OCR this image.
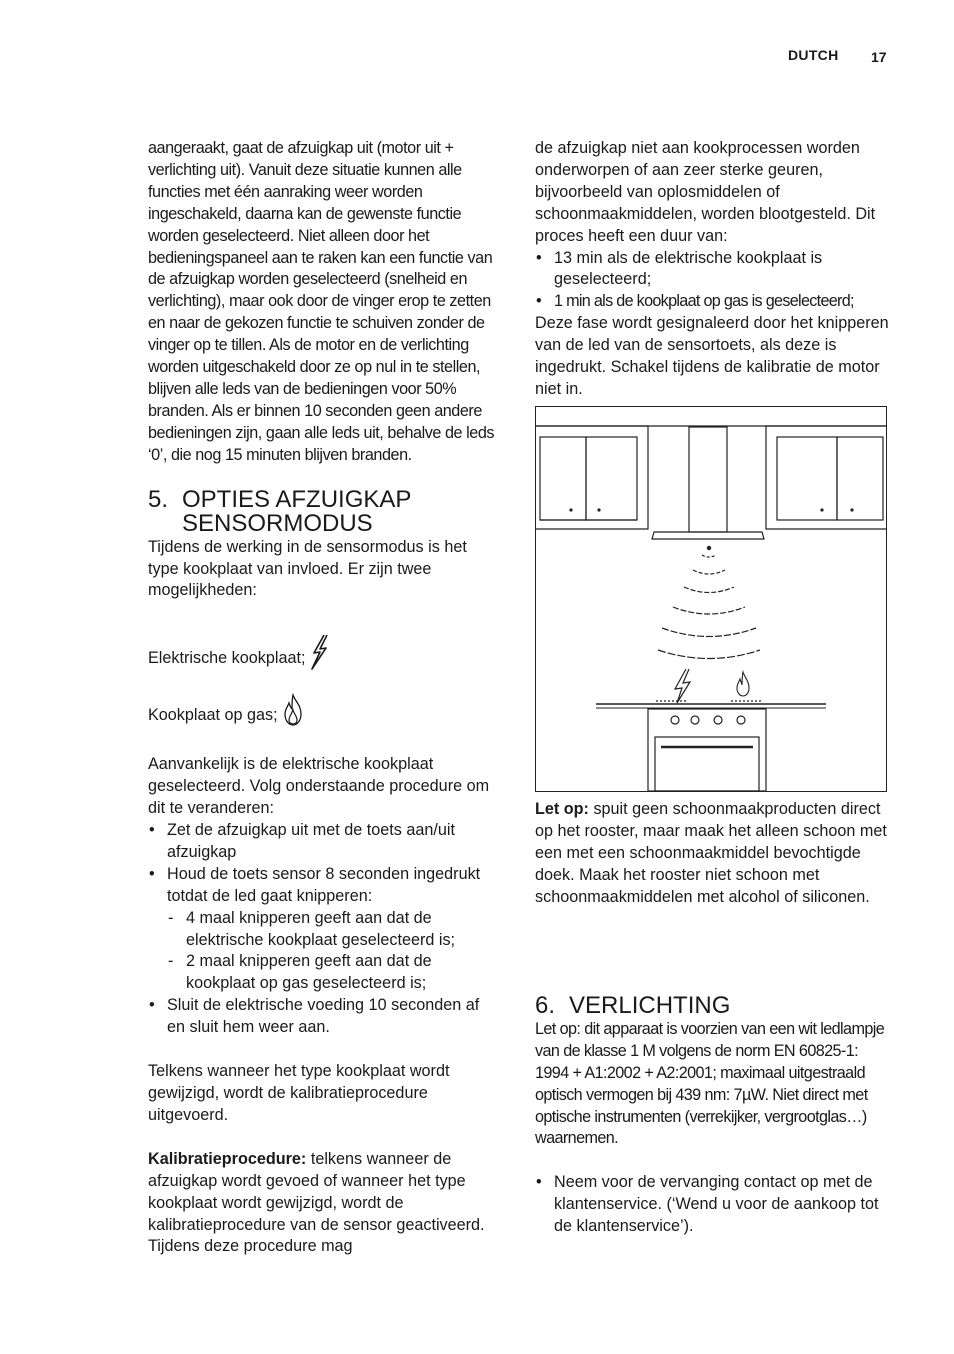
DUTCH 17

aangeraakt, gaat de afzuigkap uit (motor uit + verlichting uit). Vanuit deze situatie kunnen alle functies met één aanraking weer worden ingeschakeld, daarna kan de gewenste functie worden geselecteerd. Niet alleen door het bedieningspaneel aan te raken kan een functie van de afzuigkap worden geselecteerd (snelheid en verlichting), maar ook door de vinger erop te zetten en naar de gekozen functie te schuiven zonder de vinger op te tillen. Als de motor en de verlichting worden uitgeschakeld door ze op nul in te stellen, blijven alle leds van de bedieningen voor 50% branden. Als er binnen 10 seconden geen andere bedieningen zijn, gaan alle leds uit, behalve de leds ‘0’, die nog 15 minuten blijven branden.

5. OPTIES AFZUIGKAP
SENSORMODUS

Tijdens de werking in de sensormodus is het type kookplaat van invloed. Er zijn twee mogelijkheden:

Elektrische kookplaat;
Kookplaat op gas;

Aanvankelijk is de elektrische kookplaat geselecteerd. Volg onderstaande procedure om dit te veranderen:

• Zet de afzuigkap uit met de toets aan/uit afzuigkap
• Houd de toets sensor 8 seconden ingedrukt totdat de led gaat knipperen:
- 4 maal knipperen geeft aan dat de elektrische kookplaat geselecteerd is;
- 2 maal knipperen geeft aan dat de kookplaat op gas geselecteerd is;
• Sluit de elektrische voeding 10 seconden af en sluit hem weer aan.

Telkens wanneer het type kookplaat wordt gewijzigd, wordt de kalibratieprocedure uitgevoerd.

Kalibratieprocedure: telkens wanneer de afzuigkap wordt gevoed of wanneer het type kookplaat wordt gewijzigd, wordt de kalibratieprocedure van de sensor geactiveerd. Tijdens deze procedure mag

de afzuigkap niet aan kookprocessen worden onderworpen of aan zeer sterke geuren, bijvoorbeeld van oplosmiddelen of schoonmaakmiddelen, worden blootgesteld. Dit proces heeft een duur van:

• 13 min als de elektrische kookplaat is geselecteerd;
• 1 min als de kookplaat op gas is geselecteerd;

Deze fase wordt gesignaleerd door het knipperen van de led van de sensortoets, als deze is ingedrukt. Schakel tijdens de kalibratie de motor niet in.

Let op: spuit geen schoonmaakproducten direct op het rooster, maar maak het alleen schoon met een met een schoonmaakmiddel bevochtigde doek. Maak het rooster niet schoon met schoonmaakmiddelen met alcohol of siliconen.

6. VERLICHTING

Let op: dit apparaat is voorzien van een wit ledlampje van de klasse 1 M volgens de norm EN 60825-1: 1994 + A1:2002 + A2:2001; maximaal uitgestraald optisch vermogen bij 439 nm: 7µW. Niet direct met optische instrumenten (verrekijker, vergrootglas…) waarnemen.

• Neem voor de vervanging contact op met de klantenservice. (‘Wend u voor de aankoop tot de klantenservice’).
